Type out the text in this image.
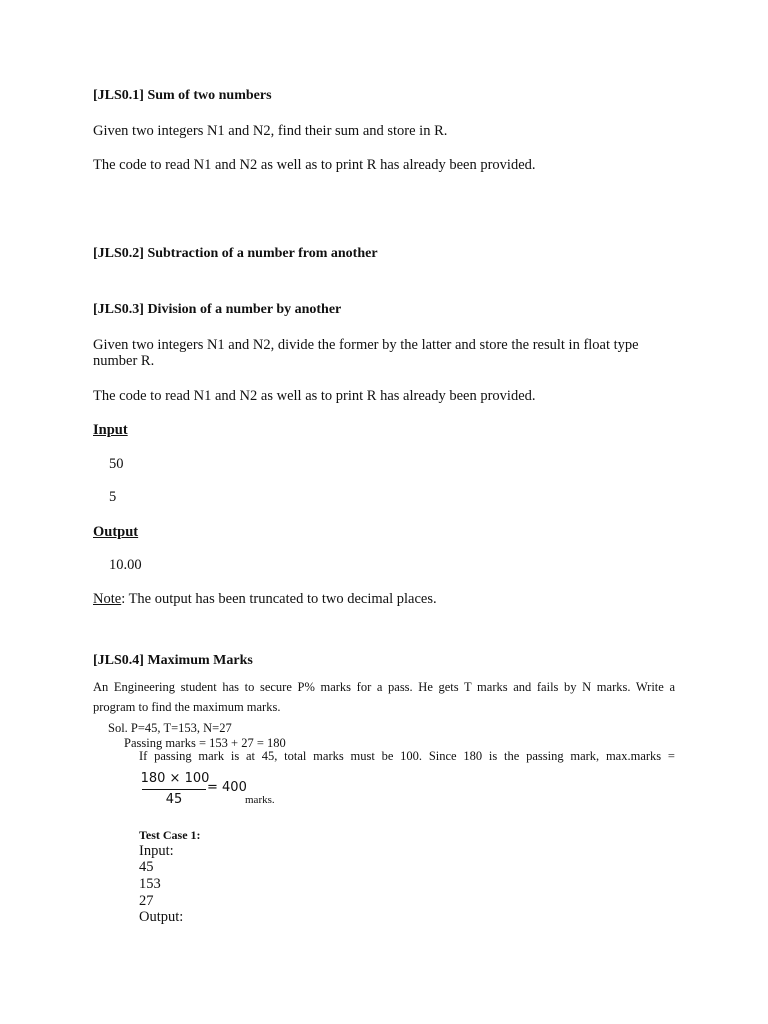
[JLS0.1] Sum of two numbers
Given two integers N1 and N2, find their sum and store in R.
The code to read N1 and N2 as well as to print R has already been provided.
[JLS0.2] Subtraction of a number from another
[JLS0.3] Division of a number by another
Given two integers N1 and N2, divide the former by the latter and store the result in float type
number R.
The code to read N1 and N2 as well as to print R has already been provided.
Input
50
5
Output
10.00
Note: The output has been truncated to two decimal places.
[JLS0.4] Maximum Marks
An Engineering student has to secure P% marks for a pass. He gets T marks and fails by N marks. Write a
program to find the maximum marks.
Sol. P=45, T=153, N=27
Passing marks = 153 + 27 = 180
If passing mark is at 45, total marks must be 100. Since 180 is the passing mark, max.marks =
180 × 100
45
= 400
marks.
Test Case 1:
Input:
45
153
27
Output:
